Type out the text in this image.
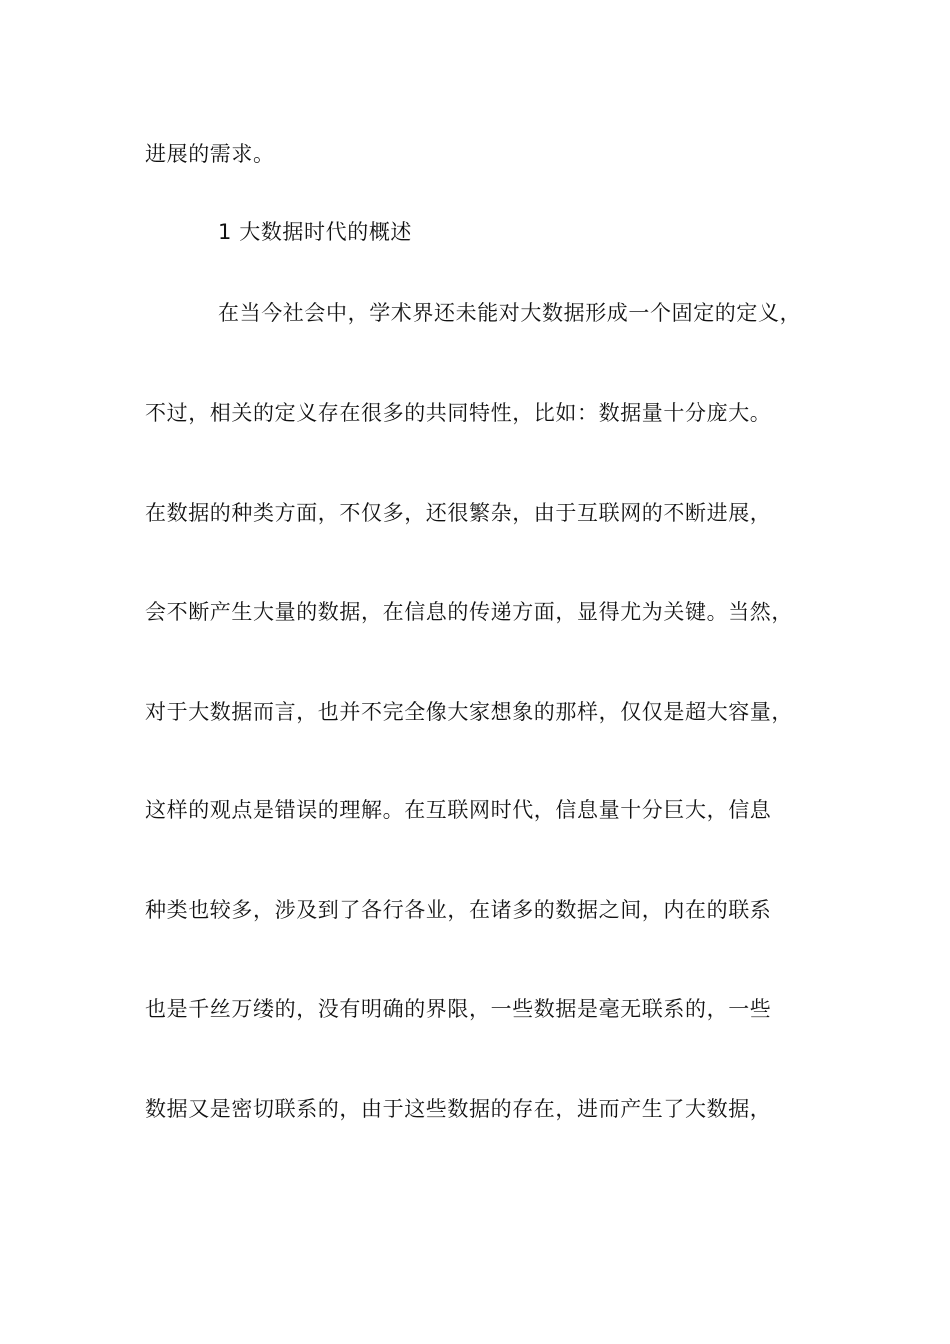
进展的需求。
1 大数据时代的概述
在当今社会中，学术界还未能对大数据形成一个固定的定义，
不过，相关的定义存在很多的共同特性，比如：数据量十分庞大。
在数据的种类方面，不仅多，还很繁杂，由于互联网的不断进展，
会不断产生大量的数据，在信息的传递方面，显得尤为关键。当然，
对于大数据而言，也并不完全像大家想象的那样，仅仅是超大容量，
这样的观点是错误的理解。在互联网时代，信息量十分巨大，信息
种类也较多，涉及到了各行各业，在诸多的数据之间，内在的联系
也是千丝万缕的，没有明确的界限，一些数据是毫无联系的，一些
数据又是密切联系的，由于这些数据的存在，进而产生了大数据，
